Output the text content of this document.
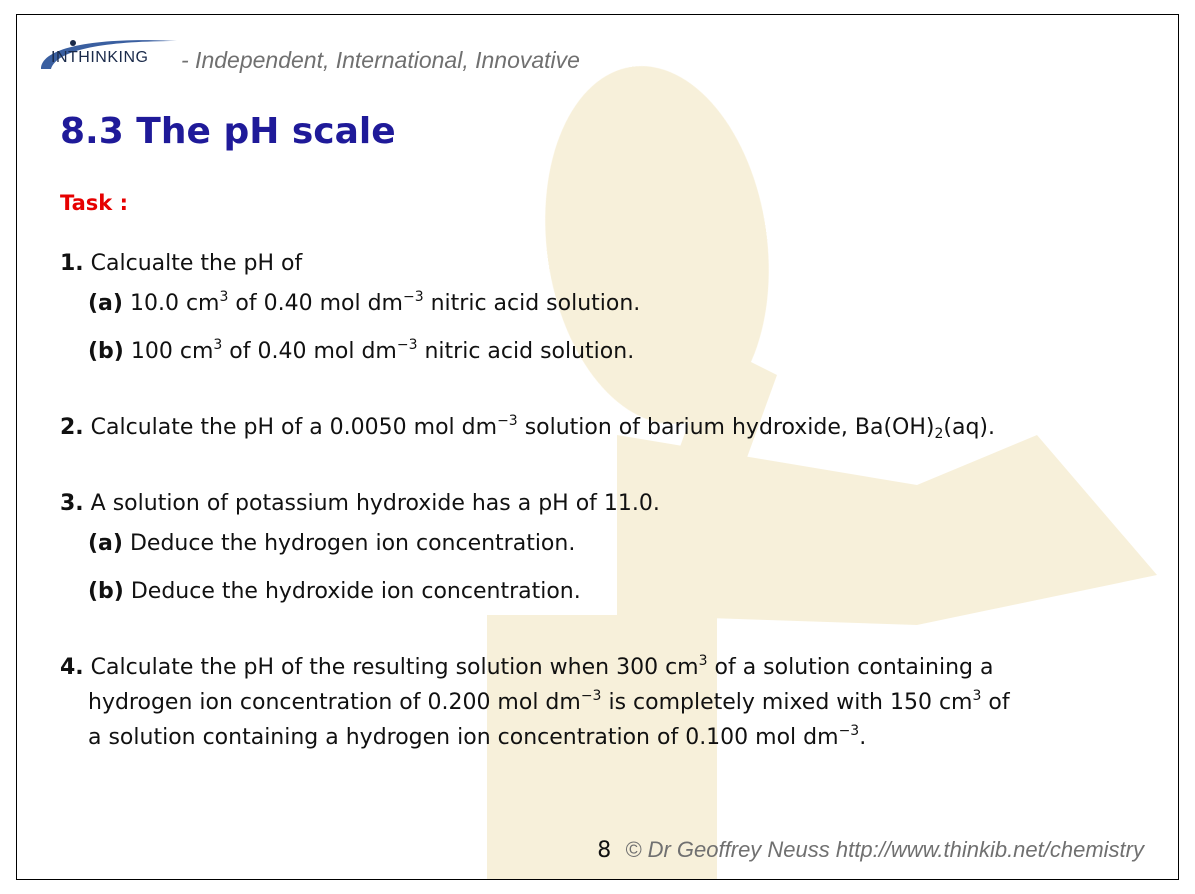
INTHINKING - Independent, International, Innovative
8.3 The pH scale
Task :
1. Calcualte the pH of
(a) 10.0 $cm^3$ of 0.40 mol $dm^{-3}$ nitric acid solution.
(b) 100 $cm^3$ of 0.40 mol $dm^{-3}$ nitric acid solution.
2. Calculate the pH of a 0.0050 mol $dm^{-3}$ solution of barium hydroxide, $Ba(OH)_2(aq)$.
3. A solution of potassium hydroxide has a pH of 11.0.
(a) Deduce the hydrogen ion concentration.
(b) Deduce the hydroxide ion concentration.
4. Calculate the pH of the resulting solution when 300 $cm^3$ of a solution containing a
hydrogen ion concentration of 0.200 mol $dm^{-3}$ is completely mixed with 150 $cm^3$ of
a solution containing a hydrogen ion concentration of 0.100 mol $dm^{-3}$.
8 © Dr Geoffrey Neuss http://www.thinkib.net/chemistry
